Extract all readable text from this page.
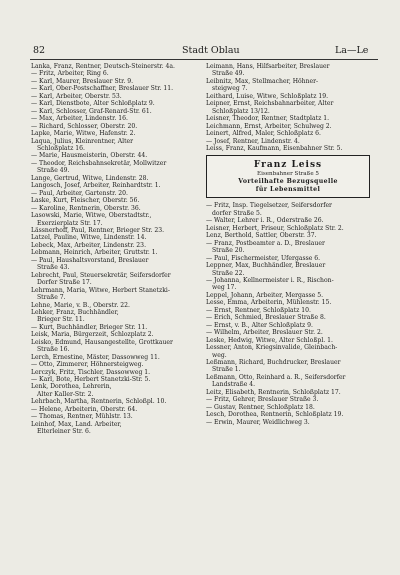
82	Stadt Oblau	La—Le
Lanka, Franz, Rentner, Deutsch-Steinerstr. 4a.
— Fritz, Arbeiter, Ring 6.
— Karl, Maurer, Breslauer Str. 9.
— Karl, Ober-Postschaffner, Breslauer Str. 11.
— Karl, Arbeiter, Oberstr. 53.
— Karl, Dienstbote, Alter Schloßplatz 9.
— Karl, Schlosser, Graf-Renard-Str. 61.
— Max, Arbeiter, Lindenstr. 16.
— Richard, Schlosser, Oberstr. 20.
Lapke, Marie, Witwe, Hafenstr. 2.
Laqua, Julius, Kleinrentner, Alter
Schloßplatz 16.
— Marie, Hausmeisterin, Oberstr. 44.
— Theodor, Reichsbahnsekretär, Mollwitzer
Straße 49.
Lange, Gertrud, Witwe, Lindenstr. 28.
Langosch, Josef, Arbeiter, Reinhardtstr. 1.
— Paul, Arbeiter, Gartenstr. 20.
Laske, Kurt, Fleischer, Oberstr. 56.
— Karoline, Rentnerin, Oberstr. 36.
Lasowski, Marie, Witwe, Oberstadtstr.,
Exerzierplatz Str. 17.
Lässnerhoff, Paul, Rentner, Brieger Str. 23.
Latzel, Pauline, Witwe, Lindenstr. 14.
Lebeck, Max, Arbeiter, Lindenstr. 23.
Lebmann, Heinrich, Arbeiter, Gruttstr. 1.
— Paul, Haushaltsvorstand, Breslauer
Straße 43.
Lebrecht, Paul, Steuersekretär, Seifersdorfer
Dorfer Straße 17.
Lehrmann, Maria, Witwe, Herbert Stanetzki-
Straße 7.
Lehne, Marie, v. B., Oberstr. 22.
Lehker, Franz, Buchhändler,
Brieger Str. 11.
— Kurt, Buchhändler, Brieger Str. 11.
Leisk, Maria, Bürgerzeit, Schlozplatz 2.
Leisko, Edmund, Hausangestellte, Grottkauer
Straße 16.
Lerch, Ernestine, Mäster, Dassowweg 11.
— Otto, Zimmerer, Höhnersteigweg.
Lerczyk, Fritz, Tischler, Dassowweg 1.
— Karl, Bote, Herbert Stanetzki-Str. 5.
Lenk, Dorothea, Lehrerin,
Alter Kaller-Str. 2.
Lehrbach, Martha, Rentnerin, Schloßpl. 10.
— Helene, Arbeiterin, Oberstr. 64.
— Thomas, Rentner, Mühlstr. 13.
Leinhof, Max, Land. Arbeiter,
Elterleiner Str. 6.
Leimann, Hans, Hilfsarbeiter, Breslauer
Straße 49.
Leibnitz, Max, Stellmacher, Höhner-
steigweg 7.
Leithard, Luise, Witwe, Schloßplatz 19.
Leipner, Ernst, Reichsbahnarbeiter, Alter
Schloßplatz 13/12.
Leisner, Theodor, Rentner, Stadtplatz 1.
Leichmann, Ernst, Arbeiter, Schulweg 2.
Leinert, Alfred, Maler, Schloßplatz 6.
— Josef, Rentner, Lindenstr. 4.
Leiss, Franz, Kaufmann, Eisenbahner Str. 5.
Franz Leiss
Eisenbahner Straße 5
Vorteilhafte Bezugsquelle
für Lebensmittel
— Fritz, Insp. Tiegelsetzer, Seifersdorfer
dorfer Straße 5.
— Walter, Lehrer i. R., Oderstraße 26.
Leisner, Herbert, Friseur, Schloßplatz Str. 2.
Lenz, Berthold, Sattler, Oberstr. 37.
— Franz, Postbeamter a. D., Breslauer
Straße 20.
— Paul, Fischermeister, Ufergasse 6.
Leppner, Max, Buchhändler, Breslauer
Straße 22.
— Johanna, Kellnermeister i. R., Rischon-
weg 17.
Leppel, Johann, Arbeiter, Mergasse 5.
Lesse, Emma, Arbeiterin, Mühlenstr. 15.
— Ernst, Rentner, Schloßplatz 10.
— Erich, Schmied, Breslauer Straße 8.
— Ernst, v. B., Alter Schloßplatz 9.
— Wilhelm, Arbeiter, Breslauer Str. 2.
Leske, Hedwig, Witwe, Alter Schloßpl. 1.
Lessner, Anton, Kriegsinvalide, Gleinbach-
weg.
Leßmann, Richard, Buchdrucker, Breslauer
Straße 1.
Leßmann, Otto, Reinhard a. R., Seifersdorfer
Landstraße 4.
Leitz, Elisabeth, Rentnerin, Schloßplatz 17.
— Fritz, Gehrer, Breslauer Straße 3.
— Gustav, Rentner, Schloßplatz 18.
Lesch, Dorothea, Rentnerin, Schloßplatz 19.
— Erwin, Maurer, Weidlichweg 3.
